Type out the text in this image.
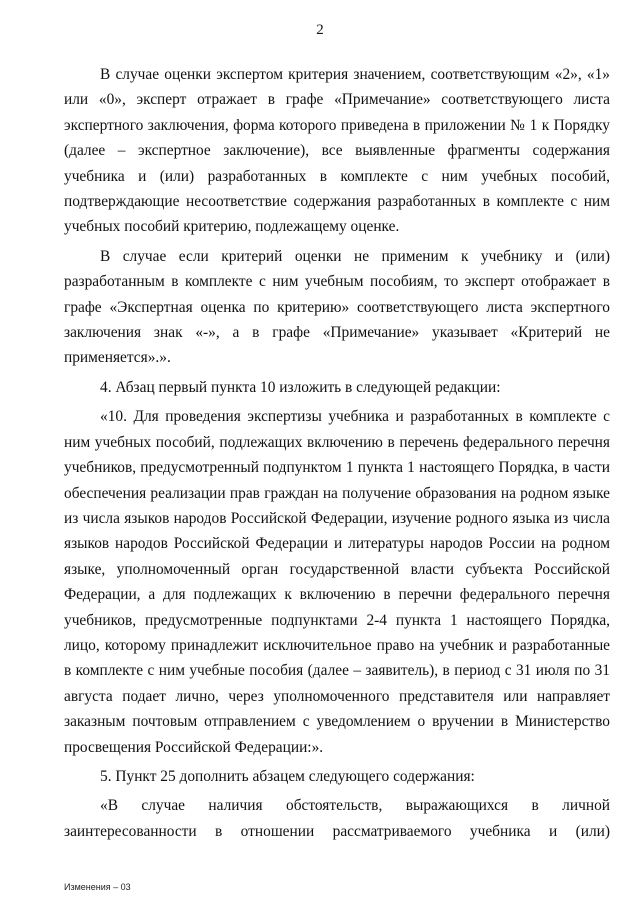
2

В случае оценки экспертом критерия значением, соответствующим «2», «1» или «0», эксперт отражает в графе «Примечание» соответствующего листа экспертного заключения, форма которого приведена в приложении № 1 к Порядку (далее – экспертное заключение), все выявленные фрагменты содержания учебника и (или) разработанных в комплекте с ним учебных пособий, подтверждающие несоответствие содержания разработанных в комплекте с ним учебных пособий критерию, подлежащему оценке.

В случае если критерий оценки не применим к учебнику и (или) разработанным в комплекте с ним учебным пособиям, то эксперт отображает в графе «Экспертная оценка по критерию» соответствующего листа экспертного заключения знак «-», а в графе «Примечание» указывает «Критерий не применяется».».

4. Абзац первый пункта 10 изложить в следующей редакции:

«10. Для проведения экспертизы учебника и разработанных в комплекте с ним учебных пособий, подлежащих включению в перечень федерального перечня учебников, предусмотренный подпунктом 1 пункта 1 настоящего Порядка, в части обеспечения реализации прав граждан на получение образования на родном языке из числа языков народов Российской Федерации, изучение родного языка из числа языков народов Российской Федерации и литературы народов России на родном языке, уполномоченный орган государственной власти субъекта Российской Федерации, а для подлежащих к включению в перечни федерального перечня учебников, предусмотренные подпунктами 2-4 пункта 1 настоящего Порядка, лицо, которому принадлежит исключительное право на учебник и разработанные в комплекте с ним учебные пособия (далее – заявитель), в период с 31 июля по 31 августа подает лично, через уполномоченного представителя или направляет заказным почтовым отправлением с уведомлением о вручении в Министерство просвещения Российской Федерации:».

5. Пункт 25 дополнить абзацем следующего содержания:

«В случае наличия обстоятельств, выражающихся в личной заинтересованности в отношении рассматриваемого учебника и (или)

Изменения – 03
